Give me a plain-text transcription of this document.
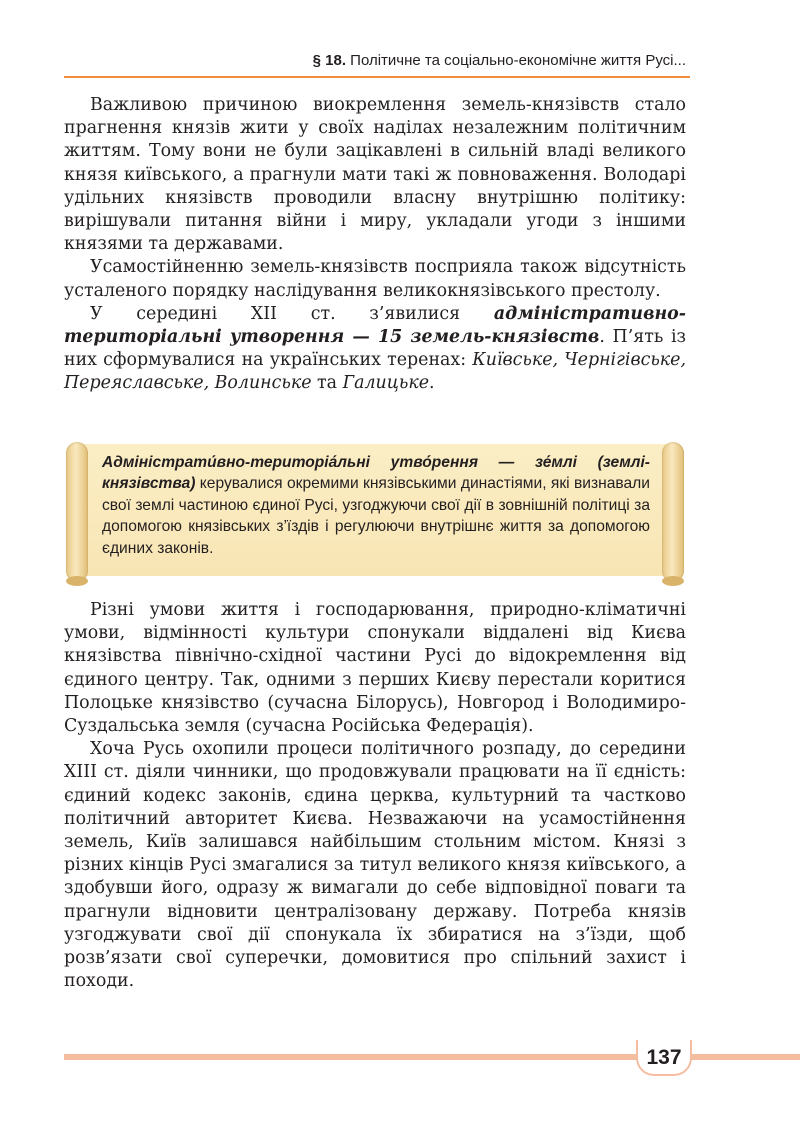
§ 18. Політичне та соціально-економічне життя Русі...

Важливою причиною виокремлення земель-князівств стало прагнення князів жити у своїх наділах незалежним політичним життям. Тому вони не були зацікавлені в сильній владі великого князя київського, а прагнули мати такі ж повноваження. Володарі удільних князівств проводили власну внутрішню політику: вирішували питання війни і миру, укладали угоди з іншими князями та державами.

Усамостійненню земель-князівств посприяла також відсутність усталеного порядку наслідування великокнязівського престолу.

У середині XII ст. з’явилися адміністративно-територіальні утворення — 15 земель-князівств. П’ять із них сформувалися на українських теренах: Київське, Чернігівське, Переяславське, Волинське та Галицьке.

Адміністрати́вно-територіа́льні утво́рення — зе́млі (землі-князівства) керувалися окремими князівськими династіями, які визнавали свої землі частиною єдиної Русі, узгоджуючи свої дії в зовнішній політиці за допомогою князівських з’їздів і регулюючи внутрішнє життя за допомогою єдиних законів.

Різні умови життя і господарювання, природно-кліматичні умови, відмінності культури спонукали віддалені від Києва князівства північно-східної частини Русі до відокремлення від єдиного центру. Так, одними з перших Києву перестали коритися Полоцьке князівство (сучасна Білорусь), Новгород і Володимиро-Суздальська земля (сучасна Російська Федерація).

Хоча Русь охопили процеси політичного розпаду, до середини XIII ст. діяли чинники, що продовжували працювати на її єдність: єдиний кодекс законів, єдина церква, культурний та частково політичний авторитет Києва. Незважаючи на усамостійнення земель, Київ залишався найбільшим стольним містом. Князі з різних кінців Русі змагалися за титул великого князя київського, а здобувши його, одразу ж вимагали до себе відповідної поваги та прагнули відновити централізовану державу. Потреба князів узгоджувати свої дії спонукала їх збиратися на з’їзди, щоб розв’язати свої суперечки, домовитися про спільний захист і походи.

137
